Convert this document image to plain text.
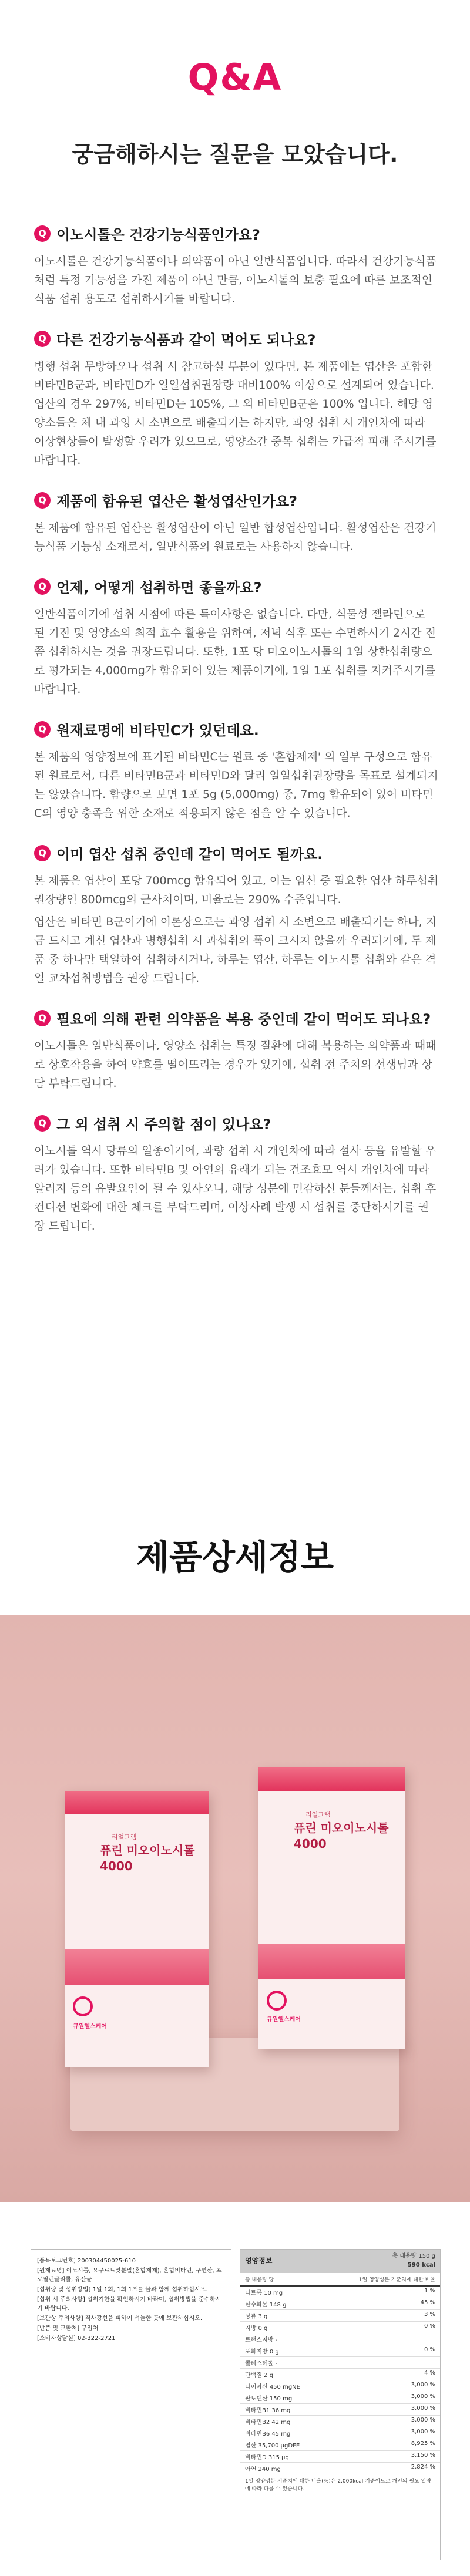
Q&A
궁금해하시는 질문을 모았습니다.
Q 이노시톨은 건강기능식품인가요?

이노시톨은 건강기능식품이나 의약품이 아닌 일반식품입니다. 따라서 건강기능식품처럼 특정 기능성을 가진 제품이 아닌 만큼, 이노시톨의 보충 필요에 따른 보조적인 식품 섭취 용도로 섭취하시기를 바랍니다.

Q 다른 건강기능식품과 같이 먹어도 되나요?

병행 섭취 무방하오나 섭취 시 참고하실 부분이 있다면, 본 제품에는 엽산을 포함한 비타민B군과, 비타민D가 일일섭취권장량 대비100% 이상으로 설계되어 있습니다. 엽산의 경우 297%, 비타민D는 105%, 그 외 비타민B군은 100% 입니다. 해당 영양소들은 체 내 과잉 시 소변으로 배출되기는 하지만, 과잉 섭취 시 개인차에 따라 이상현상들이 발생할 우려가 있으므로, 영양소간 중복 섭취는 가급적 피해 주시기를 바랍니다.

Q 제품에 함유된 엽산은 활성엽산인가요?

본 제품에 함유된 엽산은 활성엽산이 아닌 일반 합성엽산입니다. 활성엽산은 건강기능식품 기능성 소재로서, 일반식품의 원료로는 사용하지 않습니다.

Q 언제, 어떻게 섭취하면 좋을까요?

일반식품이기에 섭취 시점에 따른 특이사항은 없습니다. 다만, 식물성 젤라틴으로 된 기전 및 영양소의 최적 효수 활용을 위하여, 저녁 식후 또는 수면하시기 2시간 전 쯤 섭취하시는 것을 권장드립니다. 또한, 1포 당 미오이노시톨의 1일 상한섭취량으로 평가되는 4,000mg가 함유되어 있는 제품이기에, 1일 1포 섭취를 지켜주시기를 바랍니다.

Q 원재료명에 비타민C가 있던데요.

본 제품의 영양정보에 표기된 비타민C는 원료 중 '혼합제제' 의 일부 구성으로 함유된 원료로서, 다른 비타민B군과 비타민D와 달리 일일섭취권장량을 목표로 설계되지는 않았습니다. 함량으로 보면 1포 5g (5,000mg) 중, 7mg 함유되어 있어 비타민C의 영양 충족을 위한 소재로 적용되지 않은 점을 알 수 있습니다.

Q 이미 엽산 섭취 중인데 같이 먹어도 될까요.

본 제품은 엽산이 포당 700mcg 함유되어 있고, 이는 임신 중 필요한 엽산 하루섭취권장량인 800mcg의 근사치이며, 비율로는 290% 수준입니다.

엽산은 비타민 B군이기에 이론상으로는 과잉 섭취 시 소변으로 배출되기는 하나, 지금 드시고 계신 엽산과 병행섭취 시 과섭취의 폭이 크시지 않을까 우려되기에, 두 제품 중 하나만 택일하여 섭취하시거나, 하루는 엽산, 하루는 이노시톨 섭취와 같은 격일 교차섭취방법을 권장 드립니다.

Q 필요에 의해 관련 의약품을 복용 중인데 같이 먹어도 되나요?

이노시톨은 일반식품이나, 영양소 섭취는 특정 질환에 대해 복용하는 의약품과 때때로 상호작용을 하여 약효를 떨어뜨리는 경우가 있기에, 섭취 전 주치의 선생님과 상담 부탁드립니다.

Q 그 외 섭취 시 주의할 점이 있나요?

이노시톨 역시 당류의 일종이기에, 과량 섭취 시 개인차에 따라 설사 등을 유발할 우려가 있습니다. 또한 비타민B 및 아연의 유래가 되는 건조효모 역시 개인차에 따라 알러지 등의 유발요인이 될 수 있사오니, 해당 성분에 민감하신 분들께서는, 섭취 후 컨디션 변화에 대한 체크를 부탁드리며, 이상사례 발생 시 섭취를 중단하시기를 권장 드립니다.

제품상세정보
리얼그램
퓨린 미오이노시톨
4000
큐원헬스케어
리얼그램
퓨린 미오이노시톨
4000
큐원헬스케어
[품목보고번호] 200304450025-610
[원재료명] 이노시톨, 요구르트맛분말(혼합제제), 혼합비타민, 구연산, 프로필렌글리콜, 유산균
[섭취량 및 섭취방법] 1일 1회, 1회 1포를 물과 함께 섭취하십시오.
[섭취 시 주의사항] 섭취기한을 확인하시기 바라며, 섭취방법을 준수하시기 바랍니다.
[보관상 주의사항] 직사광선을 피하여 서늘한 곳에 보관하십시오.
[반품 및 교환처] 구입처
[소비자상담실] 02-322-2721
영양정보
총 내용량 150 g
590 kcal
총 내용량 당	1일 영양성분 기준치에 대한 비율
나트륨 10 mg	1 %
탄수화물 148 g	45 %
당류 3 g	3 %
지방 0 g	0 %
트랜스지방 -
포화지방 0 g	0 %
콜레스테롤 -
단백질 2 g	4 %
나이아신 450 mgNE	3,000 %
판토텐산 150 mg	3,000 %
비타민B1 36 mg	3,000 %
비타민B2 42 mg	3,000 %
비타민B6 45 mg	3,000 %
엽산 35,700 μgDFE	8,925 %
비타민D 315 μg	3,150 %
아연 240 mg	2,824 %
1일 영양성분 기준치에 대한 비율(%)은 2,000kcal 기준이므로 개인의 필요 열량에 따라 다를 수 있습니다.
